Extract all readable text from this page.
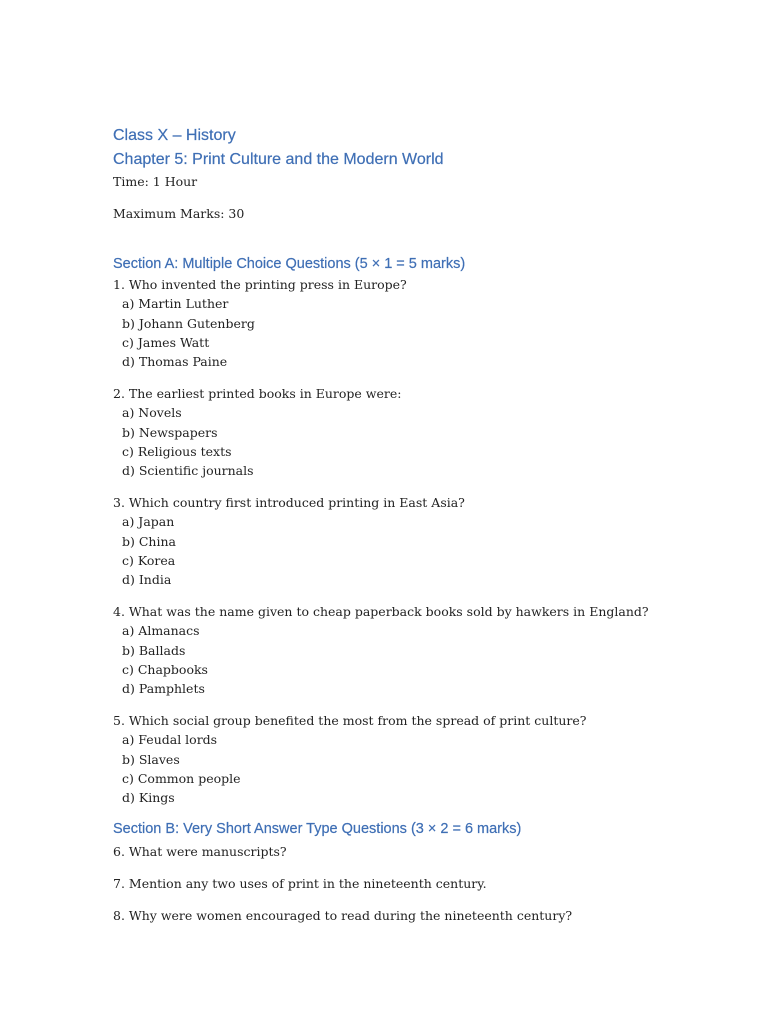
Class X – History
Chapter 5: Print Culture and the Modern World

Time: 1 Hour

Maximum Marks: 30

Section A: Multiple Choice Questions (5 × 1 = 5 marks)

1. Who invented the printing press in Europe?

a) Martin Luther

b) Johann Gutenberg

c) James Watt

d) Thomas Paine

2. The earliest printed books in Europe were:

a) Novels

b) Newspapers

c) Religious texts

d) Scientific journals

3. Which country first introduced printing in East Asia?

a) Japan

b) China

c) Korea

d) India

4. What was the name given to cheap paperback books sold by hawkers in England?

a) Almanacs

b) Ballads

c) Chapbooks

d) Pamphlets

5. Which social group benefited the most from the spread of print culture?

a) Feudal lords

b) Slaves

c) Common people

d) Kings

Section B: Very Short Answer Type Questions (3 × 2 = 6 marks)

6. What were manuscripts?

7. Mention any two uses of print in the nineteenth century.

8. Why were women encouraged to read during the nineteenth century?
